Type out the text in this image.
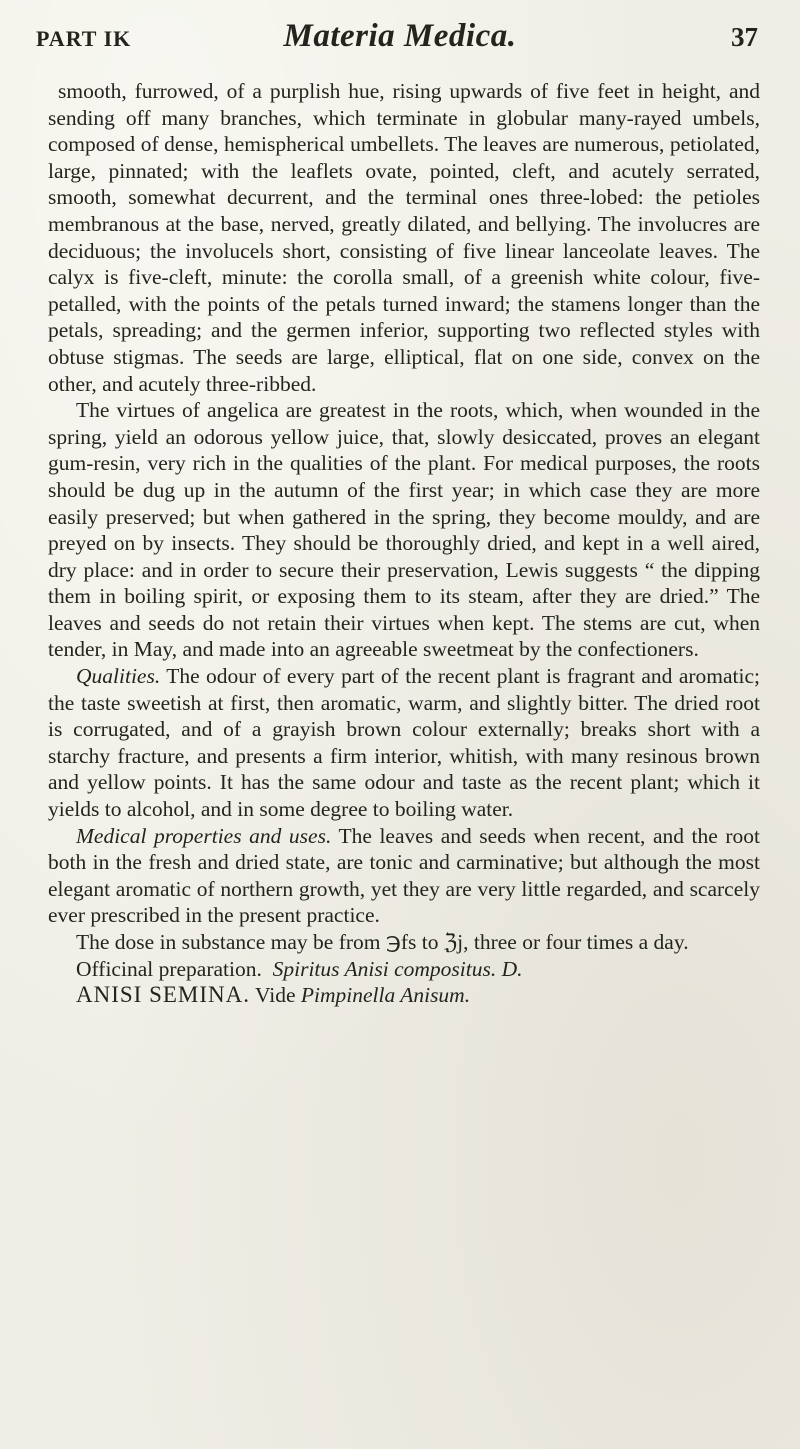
PART IK	Materia Medica.	37

smooth, furrowed, of a purplish hue, rising upwards of five feet in height, and sending off many branches, which terminate in globular many-rayed umbels, composed of dense, hemispherical umbellets. The leaves are numerous, petiolated, large, pinnated; with the leaflets ovate, pointed, cleft, and acutely serrated, smooth, somewhat decurrent, and the terminal ones three-lobed: the petioles membranous at the base, nerved, greatly dilated, and bellying. The involucres are deciduous; the involucels short, consisting of five linear lanceolate leaves. The calyx is five-cleft, minute: the corolla small, of a greenish white colour, five-petalled, with the points of the petals turned inward; the stamens longer than the petals, spreading; and the germen inferior, supporting two reflected styles with obtuse stigmas. The seeds are large, elliptical, flat on one side, convex on the other, and acutely three-ribbed.

The virtues of angelica are greatest in the roots, which, when wounded in the spring, yield an odorous yellow juice, that, slowly desiccated, proves an elegant gum-resin, very rich in the qualities of the plant. For medical purposes, the roots should be dug up in the autumn of the first year; in which case they are more easily preserved; but when gathered in the spring, they become mouldy, and are preyed on by insects. They should be thoroughly dried, and kept in a well aired, dry place: and in order to secure their preservation, Lewis suggests “ the dipping them in boiling spirit, or exposing them to its steam, after they are dried.” The leaves and seeds do not retain their virtues when kept. The stems are cut, when tender, in May, and made into an agreeable sweetmeat by the confectioners.

Qualities. The odour of every part of the recent plant is fragrant and aromatic; the taste sweetish at first, then aromatic, warm, and slightly bitter. The dried root is corrugated, and of a grayish brown colour externally; breaks short with a starchy fracture, and presents a firm interior, whitish, with many resinous brown and yellow points. It has the same odour and taste as the recent plant; which it yields to alcohol, and in some degree to boiling water.

Medical properties and uses. The leaves and seeds when recent, and the root both in the fresh and dried state, are tonic and carminative; but although the most elegant aromatic of northern growth, yet they are very little regarded, and scarcely ever prescribed in the present practice.

The dose in substance may be from ℈fs to ℨj, three or four times a day.

Officinal preparation. Spiritus Anisi compositus. D.

ANISI SEMINA. Vide Pimpinella Anisum.
